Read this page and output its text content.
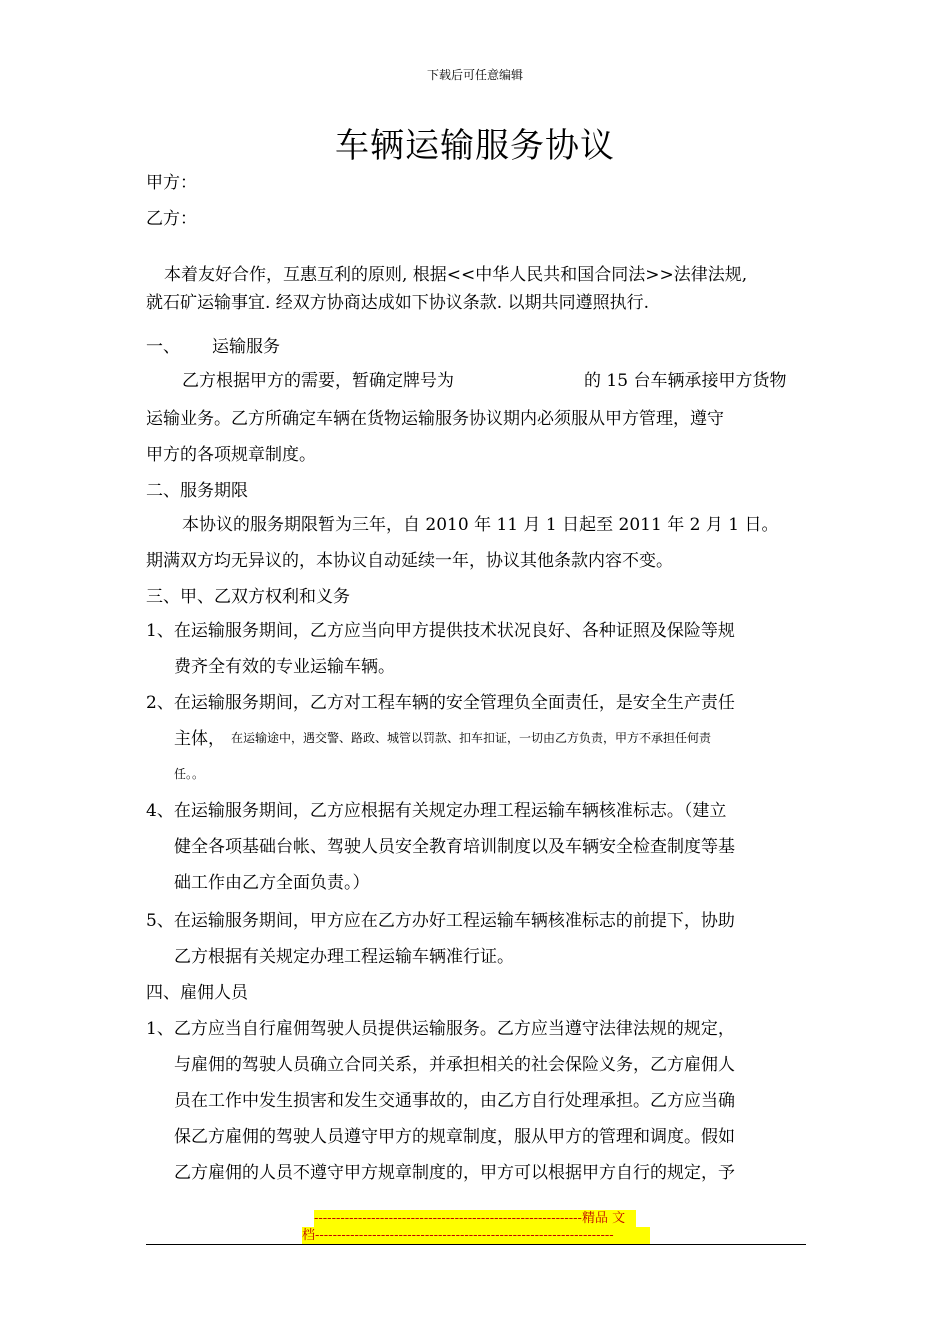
下载后可任意编辑
车辆运输服务协议
甲方：
乙方：
本着友好合作，互惠互利的原则, 根据<<中华人民共和国合同法>>法律法规,
就石矿运输事宜. 经双方协商达成如下协议条款. 以期共同遵照执行.
一、 运输服务
乙方根据甲方的需要，暂确定牌号为	的 15 台车辆承接甲方货物
运输业务。乙方所确定车辆在货物运输服务协议期内必须服从甲方管理，遵守
甲方的各项规章制度。
二、服务期限
本协议的服务期限暂为三年，自 2010 年 11 月 1 日起至 2011 年 2 月 1 日。
期满双方均无异议的，本协议自动延续一年，协议其他条款内容不变。
三、甲、乙双方权利和义务
1、在运输服务期间，乙方应当向甲方提供技术状况良好、各种证照及保险等规
费齐全有效的专业运输车辆。
2、在运输服务期间，乙方对工程车辆的安全管理负全面责任，是安全生产责任
主体， 在运输途中，遇交警、路政、城管以罚款、扣车扣证，一切由乙方负责，甲方不承担任何责
任。。
4、在运输服务期间，乙方应根据有关规定办理工程运输车辆核准标志。（建立
健全各项基础台帐、驾驶人员安全教育培训制度以及车辆安全检查制度等基
础工作由乙方全面负责。）
5、在运输服务期间，甲方应在乙方办好工程运输车辆核准标志的前提下，协助
乙方根据有关规定办理工程运输车辆准行证。
四、雇佣人员
1、乙方应当自行雇佣驾驶人员提供运输服务。乙方应当遵守法律法规的规定，
与雇佣的驾驶人员确立合同关系，并承担相关的社会保险义务，乙方雇佣人
员在工作中发生损害和发生交通事故的，由乙方自行处理承担。乙方应当确
保乙方雇佣的驾驶人员遵守甲方的规章制度，服从甲方的管理和调度。假如
乙方雇佣的人员不遵守甲方规章制度的，甲方可以根据甲方自行的规定，予
-------------------------------------------------------------精品 文
档--------------------------------------------------------------------
